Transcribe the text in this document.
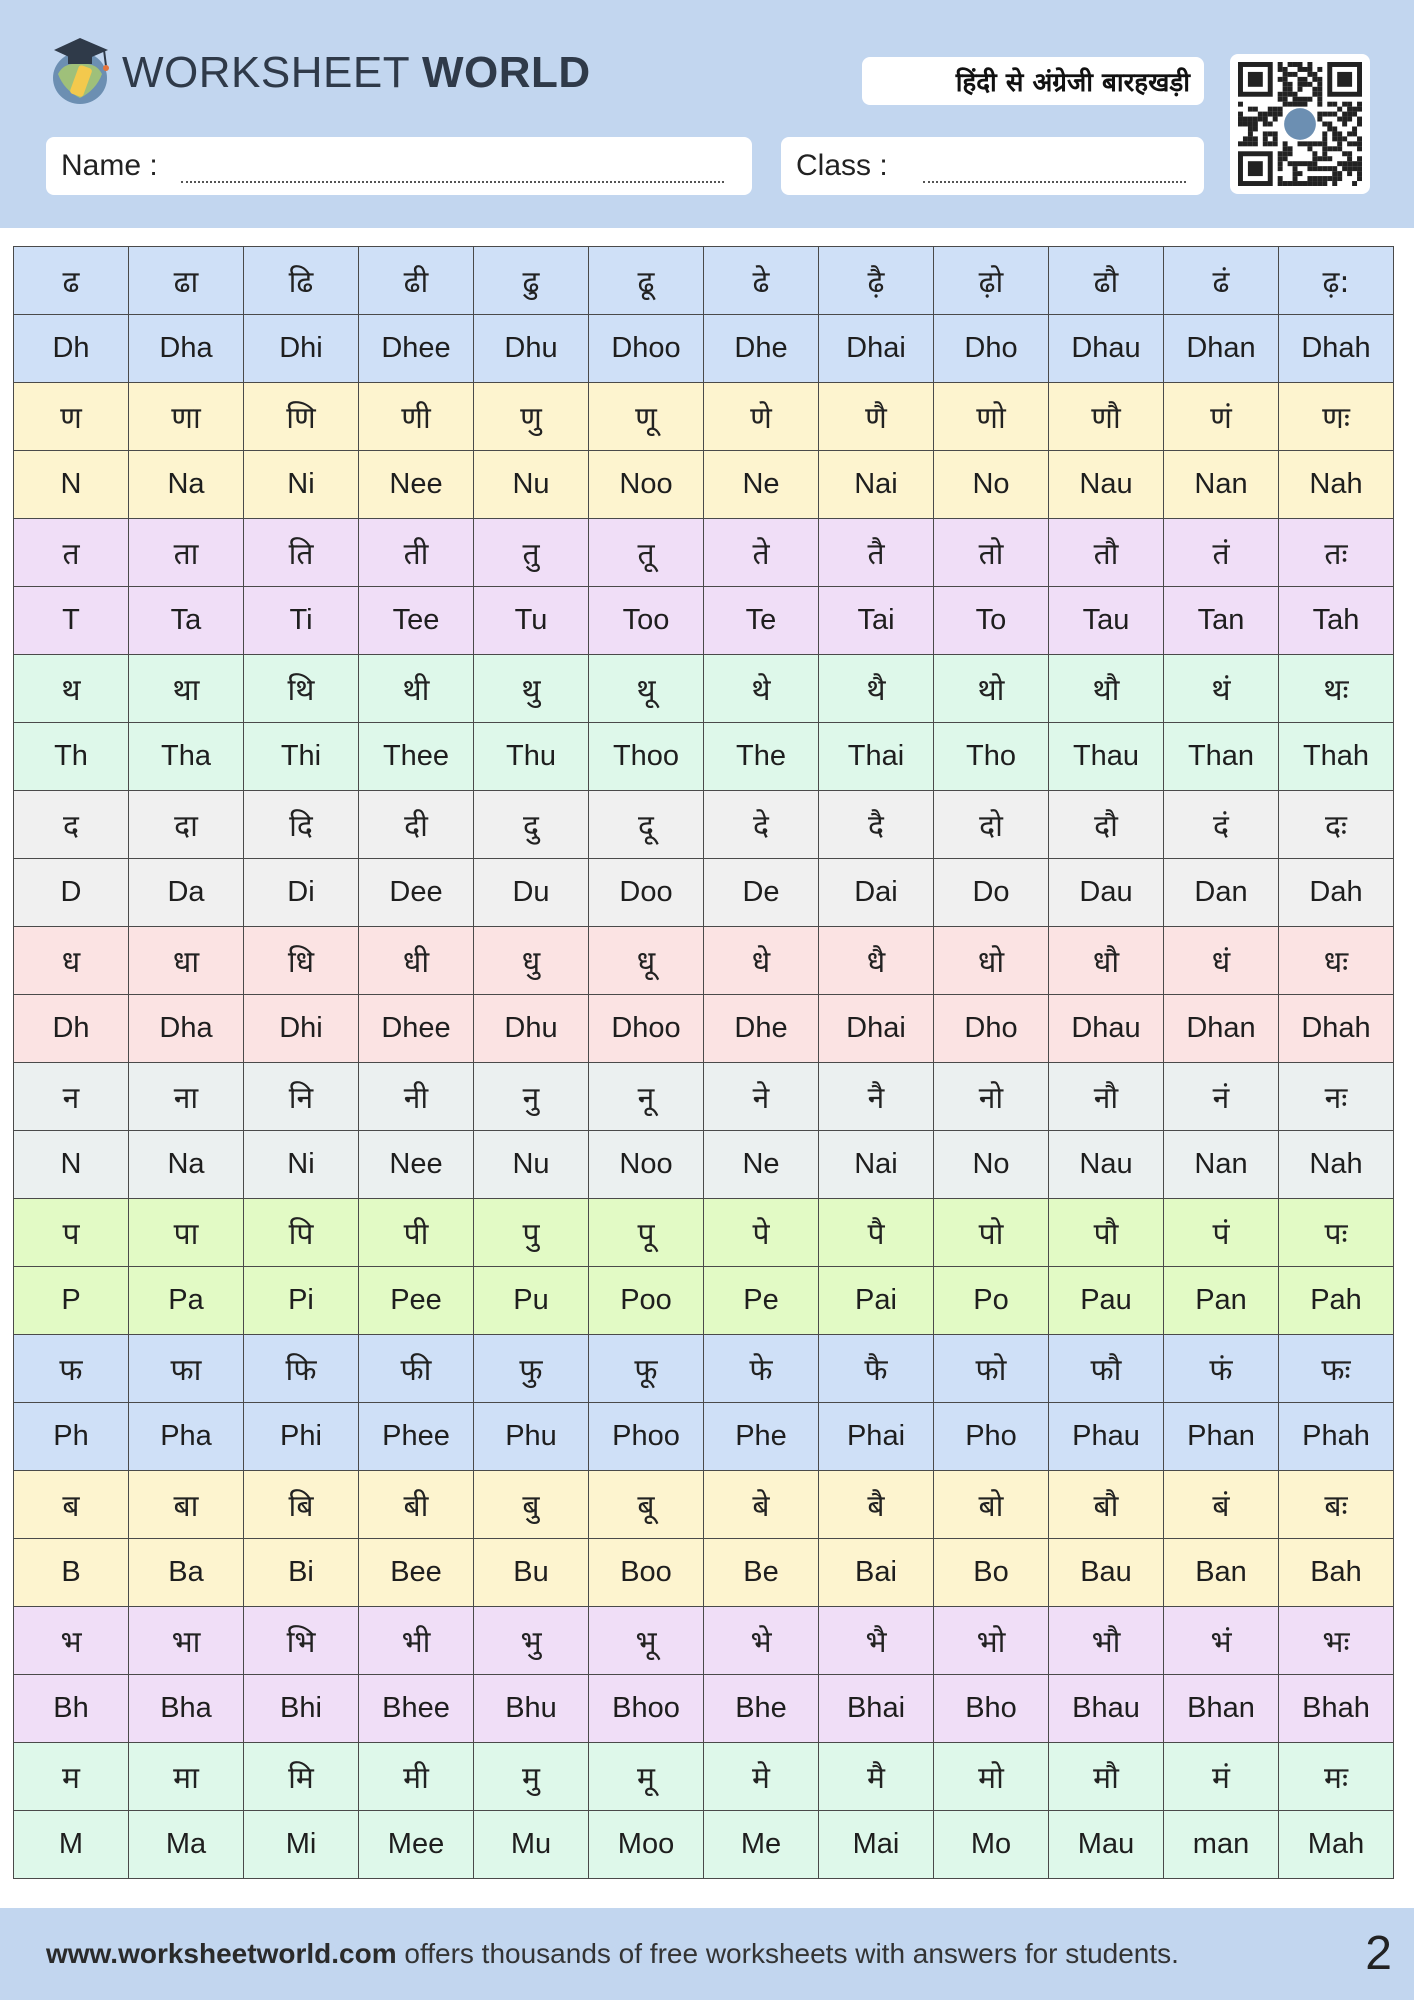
WORKSHEET WORLD	हिंदी से अंग्रेजी बारहखड़ी
Name :	Class :
ढ	ढा	ढि	ढी	ढु	ढू	ढे	ढ़ै	ढ़ो	ढौ	ढं	ढ़:
Dh	Dha	Dhi	Dhee	Dhu	Dhoo	Dhe	Dhai	Dho	Dhau	Dhan	Dhah
ण	णा	णि	णी	णु	णू	णे	णै	णो	णौ	णं	णः
N	Na	Ni	Nee	Nu	Noo	Ne	Nai	No	Nau	Nan	Nah
त	ता	ति	ती	तु	तू	ते	तै	तो	तौ	तं	तः
T	Ta	Ti	Tee	Tu	Too	Te	Tai	To	Tau	Tan	Tah
थ	था	थि	थी	थु	थू	थे	थै	थो	थौ	थं	थः
Th	Tha	Thi	Thee	Thu	Thoo	The	Thai	Tho	Thau	Than	Thah
द	दा	दि	दी	दु	दू	दे	दै	दो	दौ	दं	दः
D	Da	Di	Dee	Du	Doo	De	Dai	Do	Dau	Dan	Dah
ध	धा	धि	धी	धु	धू	धे	धै	धो	धौ	धं	धः
Dh	Dha	Dhi	Dhee	Dhu	Dhoo	Dhe	Dhai	Dho	Dhau	Dhan	Dhah
न	ना	नि	नी	नु	नू	ने	नै	नो	नौ	नं	नः
N	Na	Ni	Nee	Nu	Noo	Ne	Nai	No	Nau	Nan	Nah
प	पा	पि	पी	पु	पू	पे	पै	पो	पौ	पं	पः
P	Pa	Pi	Pee	Pu	Poo	Pe	Pai	Po	Pau	Pan	Pah
फ	फा	फि	फी	फु	फू	फे	फै	फो	फौ	फं	फः
Ph	Pha	Phi	Phee	Phu	Phoo	Phe	Phai	Pho	Phau	Phan	Phah
ब	बा	बि	बी	बु	बू	बे	बै	बो	बौ	बं	बः
B	Ba	Bi	Bee	Bu	Boo	Be	Bai	Bo	Bau	Ban	Bah
भ	भा	भि	भी	भु	भू	भे	भै	भो	भौ	भं	भः
Bh	Bha	Bhi	Bhee	Bhu	Bhoo	Bhe	Bhai	Bho	Bhau	Bhan	Bhah
म	मा	मि	मी	मु	मू	मे	मै	मो	मौ	मं	मः
M	Ma	Mi	Mee	Mu	Moo	Me	Mai	Mo	Mau	man	Mah
www.worksheetworld.com offers thousands of free worksheets with answers for students.	2
